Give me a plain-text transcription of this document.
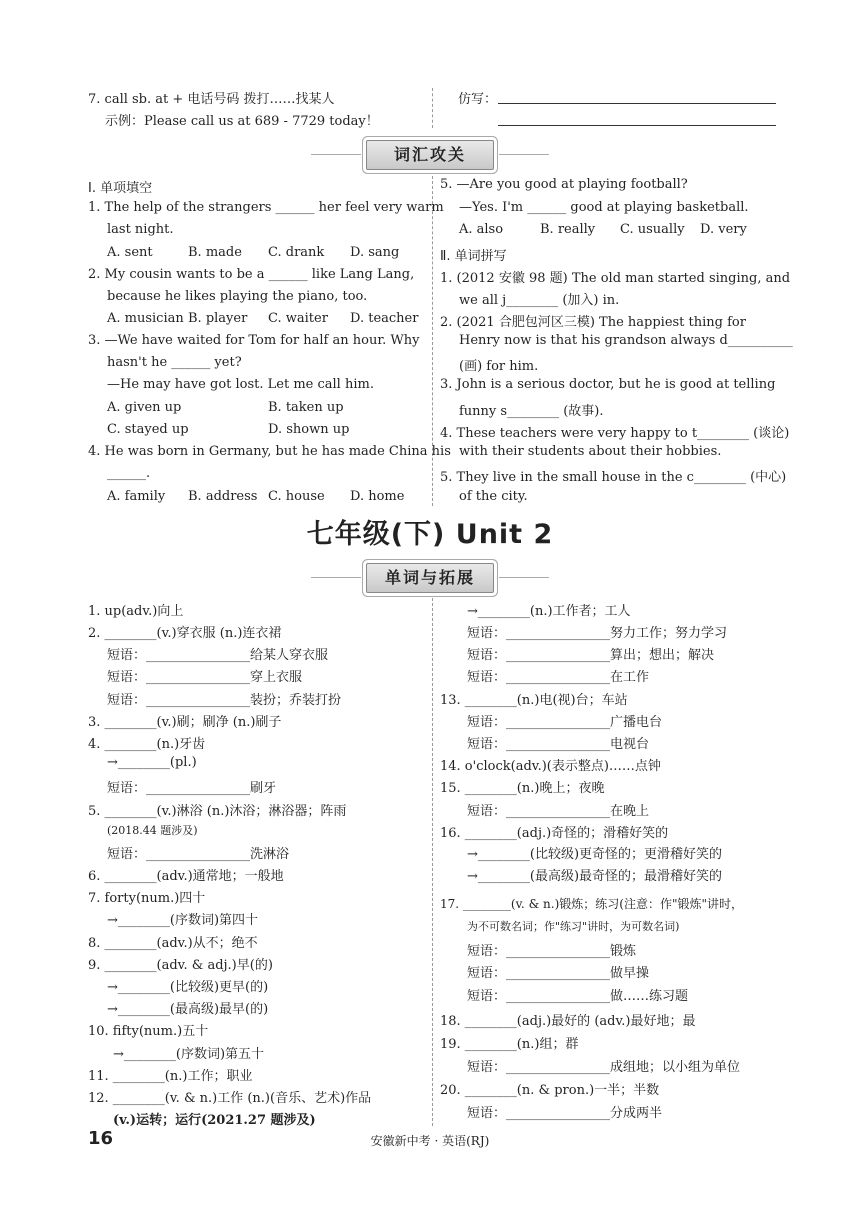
7. call sb. at + 电话号码 拨打……找某人
示例：Please call us at 689 - 7729 today！
仿写：
词汇攻关
Ⅰ. 单项填空
1. The help of the strangers ______ her feel very warm
last night.
A. sent	B. made C. drank D. sang
2. My cousin wants to be a ______ like Lang Lang,
because he likes playing the piano, too.
A. musician B. player C. waiter D. teacher
3. —We have waited for Tom for half an hour. Why
hasn't he ______ yet?
—He may have got lost. Let me call him.
A. given up	B. taken up
C. stayed up	D. shown up
4. He was born in Germany, but he has made China his
______.
A. family B. address C. house D. home
5. —Are you good at playing football?
—Yes. I'm ______ good at playing basketball.
A. also	B. really C. usually D. very
Ⅱ. 单词拼写
1. (2012 安徽 98 题) The old man started singing, and
we all j________ (加入) in.
2. (2021 合肥包河区三模) The happiest thing for
Henry now is that his grandson always d__________
(画) for him.
3. John is a serious doctor, but he is good at telling
funny s________ (故事).
4. These teachers were very happy to t________ (谈论)
with their students about their hobbies.
5. They live in the small house in the c________ (中心)
of the city.
七年级(下) Unit 2
单词与拓展
1. up(adv.)向上
2. ________(v.)穿衣服 (n.)连衣裙
短语：________________给某人穿衣服
短语：________________穿上衣服
短语：________________装扮；乔装打扮
3. ________(v.)刷；刷净 (n.)刷子
4. ________(n.)牙齿
→________(pl.)
短语：________________刷牙
5. ________(v.)淋浴 (n.)沐浴；淋浴器；阵雨
(2018.44 题涉及)
短语：________________洗淋浴
6. ________(adv.)通常地；一般地
7. forty(num.)四十
→________(序数词)第四十
8. ________(adv.)从不；绝不
9. ________(adv. & adj.)早(的)
→________(比较级)更早(的)
→________(最高级)最早(的)
10. fifty(num.)五十
→________(序数词)第五十
11. ________(n.)工作；职业
12. ________(v. & n.)工作 (n.)(音乐、艺术)作品
(v.)运转；运行(2021.27 题涉及)
→________(n.)工作者；工人
短语：________________努力工作；努力学习
短语：________________算出；想出；解决
短语：________________在工作
13. ________(n.)电(视)台；车站
短语：________________广播电台
短语：________________电视台
14. o'clock(adv.)(表示整点)……点钟
15. ________(n.)晚上；夜晚
短语：________________在晚上
16. ________(adj.)奇怪的；滑稽好笑的
→________(比较级)更奇怪的；更滑稽好笑的
→________(最高级)最奇怪的；最滑稽好笑的
17. ________(v. & n.)锻炼；练习(注意：作"锻炼"讲时，
为不可数名词；作"练习"讲时，为可数名词)
短语：________________锻炼
短语：________________做早操
短语：________________做……练习题
18. ________(adj.)最好的 (adv.)最好地；最
19. ________(n.)组；群
短语：________________成组地；以小组为单位
20. ________(n. & pron.)一半；半数
短语：________________分成两半
16	安徽新中考 · 英语(RJ)
